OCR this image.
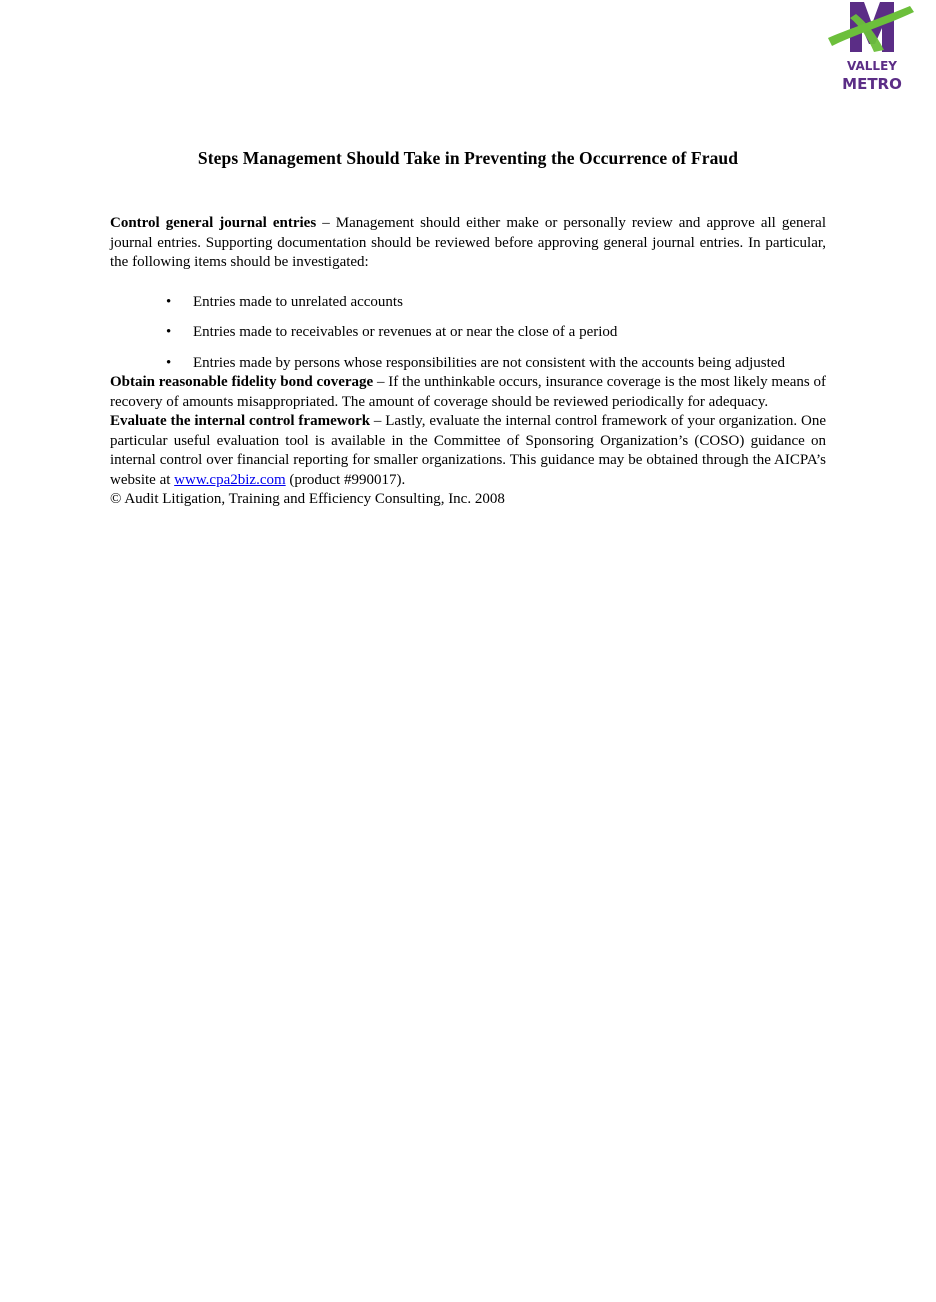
VALLEY
METRO
Steps Management Should Take in Preventing the Occurrence of Fraud

Control general journal entries – Management should either make or personally review and approve all general journal entries. Supporting documentation should be reviewed before approving general journal entries. In particular, the following items should be investigated:

• Entries made to unrelated accounts
• Entries made to receivables or revenues at or near the close of a period
• Entries made by persons whose responsibilities are not consistent with the accounts being adjusted

Obtain reasonable fidelity bond coverage – If the unthinkable occurs, insurance coverage is the most likely means of recovery of amounts misappropriated. The amount of coverage should be reviewed periodically for adequacy.

Evaluate the internal control framework – Lastly, evaluate the internal control framework of your organization. One particular useful evaluation tool is available in the Committee of Sponsoring Organization’s (COSO) guidance on internal control over financial reporting for smaller organizations. This guidance may be obtained through the AICPA’s website at www.cpa2biz.com (product #990017).

© Audit Litigation, Training and Efficiency Consulting, Inc. 2008
